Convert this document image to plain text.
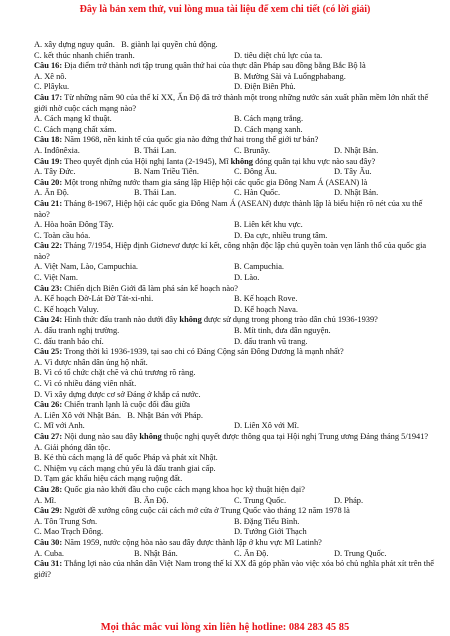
Đây là bản xem thử, vui lòng mua tài liệu để xem chi tiết (có lời giải)
A. xây dựng nguy quân.
B. giành lại quyền chủ động.
C. kết thúc nhanh chiến tranh.	D. tiêu diệt chủ lực của ta.
Câu 16: Địa điểm trở thành nơi tập trung quân thứ hai của thực dân Pháp sau đồng bằng Bắc Bộ là
A. Xê nô.	B. Mường Sài và Luổngphabang.
C. Plâyku.	D. Điện Biên Phủ.
Câu 17: Từ những năm 90 của thế kỉ XX, Ấn Độ đã trở thành một trong những nước sản xuất phần mềm lớn nhất thế giới nhờ cuộc cách mạng nào?
A. Cách mạng kĩ thuật.	B. Cách mạng trắng.
C. Cách mạng chất xám.	D. Cách mạng xanh.
Câu 18: Năm 1968, nền kinh tế của quốc gia nào đứng thứ hai trong thế giới tư bản?
A. Inđônêxia.	B. Thái Lan.	C. Brunây.	D. Nhật Bản.
Câu 19: Theo quyết định của Hội nghị Ianta (2-1945), Mĩ không đóng quân tại khu vực nào sau đây?
A. Tây Đức.	B. Nam Triều Tiên.	C. Đông Âu.	D. Tây Âu.
Câu 20: Một trong những nước tham gia sáng lập Hiệp hội các quốc gia Đông Nam Á (ASEAN) là
A. Ấn Độ.	B. Thái Lan.	C. Hàn Quốc.	D. Nhật Bản.
Câu 21: Tháng 8-1967, Hiệp hội các quốc gia Đông Nam Á (ASEAN) được thành lập là biểu hiện rõ nét của xu thế nào?
A. Hòa hoãn Đông Tây.	B. Liên kết khu vực.
C. Toàn cầu hóa.	D. Đa cực, nhiều trung tâm.
Câu 22: Tháng 7/1954, Hiệp định Giơnevơ được kí kết, công nhận độc lập chủ quyền toàn vẹn lãnh thổ của quốc gia nào?
A. Việt Nam, Lào, Campuchia.	B. Campuchia.
C. Việt Nam.	D. Lào.
Câu 23: Chiến dịch Biên Giới đã làm phá sản kế hoạch nào?
A. Kế hoạch Đờ-Lát Đờ Tát-xi-nhi.	B. Kế hoạch Rove.
C. Kế hoạch Valuy.	D. Kế hoạch Nava.
Câu 24: Hình thức đấu tranh nào dưới đây không được sử dụng trong phong trào dân chủ 1936-1939?
A. đấu tranh nghị trường.	B. Mít tinh, đưa dân nguyện.
C. đấu tranh báo chí.	D. đấu tranh vũ trang.
Câu 25: Trong thời kì 1936-1939, tại sao chi có Đảng Cộng sản Đông Dương là mạnh nhất?
A. Vì được nhân dân ủng hộ nhất.
B. Vì có tổ chức chặt chẽ và chủ trương rõ ràng.
C. Vì có nhiều đảng viên nhất.
D. Vì xây dựng được cơ sở Đảng ở khắp cả nước.
Câu 26: Chiến tranh lạnh là cuộc đối đầu giữa
A. Liên Xô với Nhật Bản.
B. Nhật Bản với Pháp.
C. Mĩ với Anh.	D. Liên Xô với Mĩ.
Câu 27: Nội dung nào sau đây không thuộc nghị quyết được thông qua tại Hội nghị Trung ương Đảng tháng 5/1941?
A. Giải phóng dân tộc.
B. Kẻ thù cách mạng là đế quốc Pháp và phát xít Nhật.
C. Nhiệm vụ cách mạng chủ yếu là đấu tranh giai cấp.
D. Tạm gác khẩu hiệu cách mạng ruộng đất.
Câu 28: Quốc gia nào khởi đầu cho cuộc cách mạng khoa học kỹ thuật hiện đại?
A. Mĩ.	B. Ấn Độ.	C. Trung Quốc.	D. Pháp.
Câu 29: Người đề xướng công cuộc cải cách mở cửa ở Trung Quốc vào tháng 12 năm 1978 là
A. Tôn Trung Sơn.	B. Đặng Tiểu Bình.
C. Mao Trạch Đông.	D. Tưởng Giới Thạch
Câu 30: Năm 1959, nước cộng hòa nào sau đây được thành lập ở khu vực Mĩ Latinh?
A. Cuba.	B. Nhật Bản.	C. Ấn Độ.	D. Trung Quốc.
Câu 31: Thắng lợi nào của nhân dân Việt Nam trong thế kỉ XX đã góp phần vào việc xóa bỏ chủ nghĩa phát xít trên thế giới?
Mọi thắc mắc vui lòng xin liên hệ hotline: 084 283 45 85
